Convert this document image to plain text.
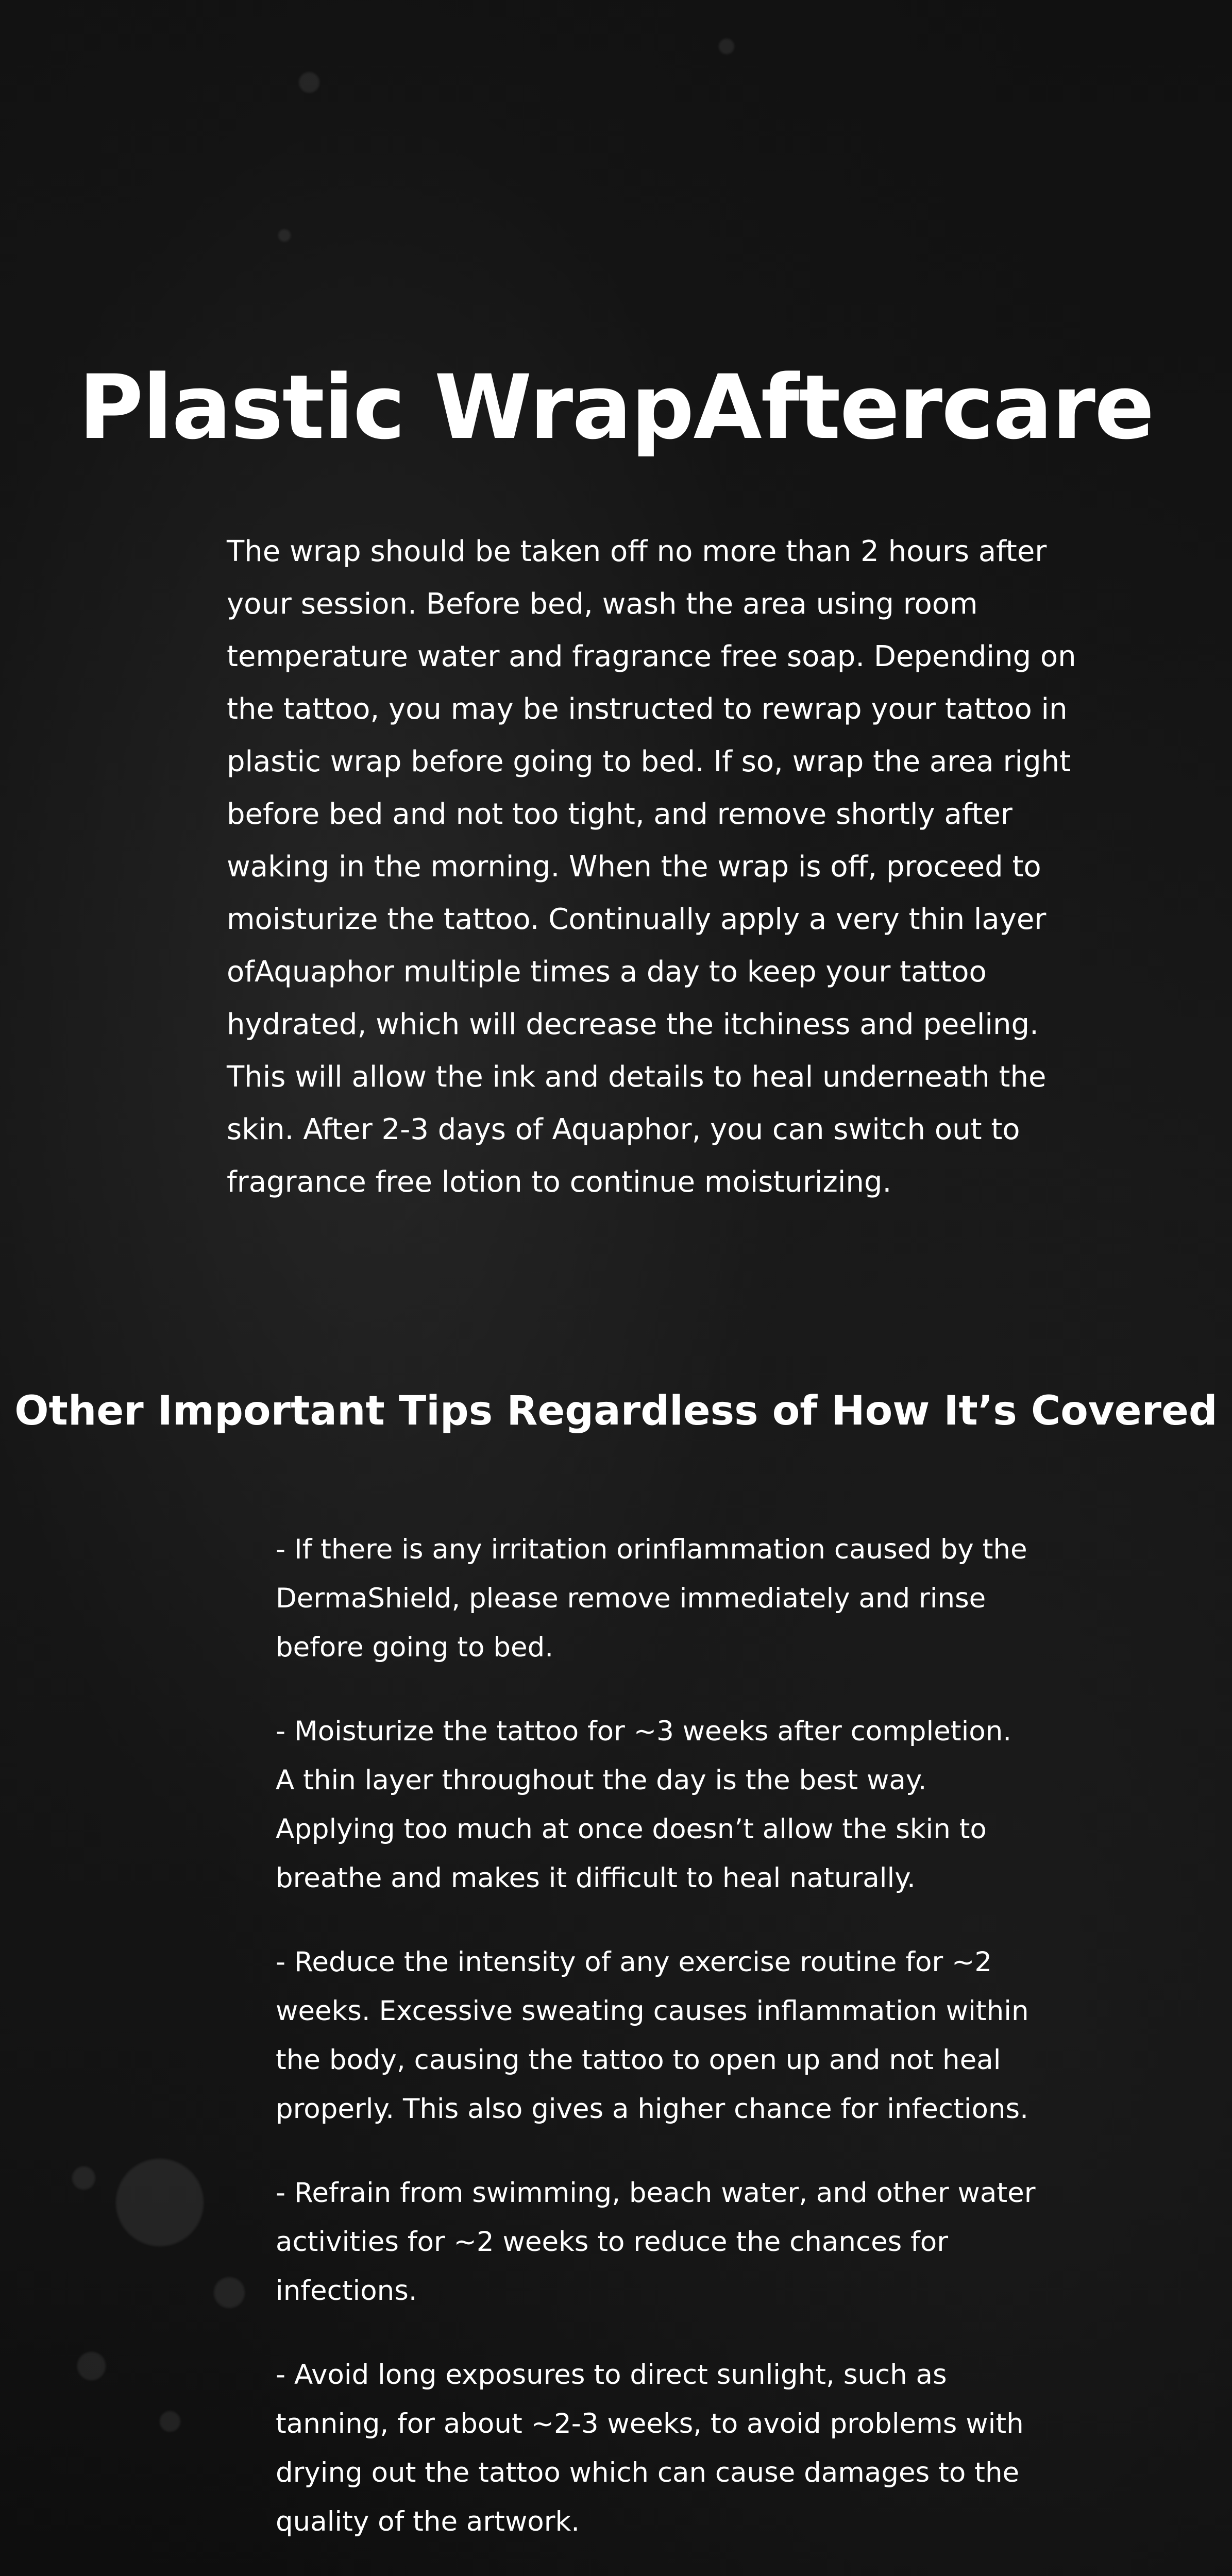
Plastic WrapAftercare

The wrap should be taken off no more than 2 hours after your session. Before bed, wash the area using room temperature water and fragrance free soap. Depending on the tattoo, you may be instructed to rewrap your tattoo in plastic wrap before going to bed. If so, wrap the area right before bed and not too tight, and remove shortly after waking in the morning. When the wrap is off, proceed to moisturize the tattoo. Continually apply a very thin layer ofAquaphor multiple times a day to keep your tattoo hydrated, which will decrease the itchiness and peeling. This will allow the ink and details to heal underneath the skin. After 2-3 days of Aquaphor, you can switch out to fragrance free lotion to continue moisturizing.

Other Important Tips Regardless of How It’s Covered
- If there is any irritation orinflammation caused by the DermaShield, please remove immediately and rinse before going to bed.
- Moisturize the tattoo for ~3 weeks after completion. A thin layer throughout the day is the best way. Applying too much at once doesn’t allow the skin to breathe and makes it difficult to heal naturally.
- Reduce the intensity of any exercise routine for ~2 weeks. Excessive sweating causes inflammation within the body, causing the tattoo to open up and not heal properly. This also gives a higher chance for infections.
- Refrain from swimming, beach water, and other water activities for ~2 weeks to reduce the chances for infections.
- Avoid long exposures to direct sunlight, such as tanning, for about ~2-3 weeks, to avoid problems with drying out the tattoo which can cause damages to the quality of the artwork.
